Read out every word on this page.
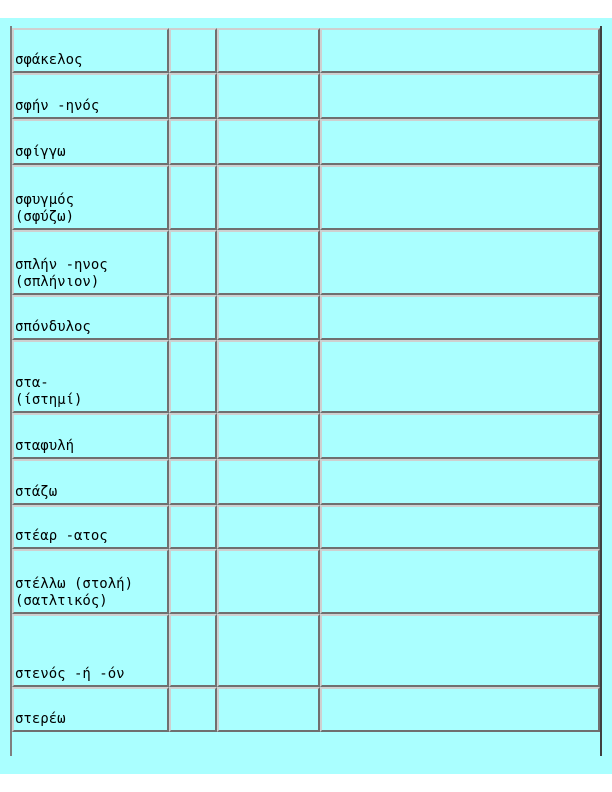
σφάκελος			

σφήν -ηνός			

σφίγγω			

σφυγμός
(σφύζω)			

σπλήν -ηνος
(σπλήνιον)			

σπόνδυλος			

στα-
(ίστημί)			

σταφυλή			

στάζω			

στέαρ -ατος			

στέλλω (στολή)
(σατλτικός)			

στενός -ή -όν			

στερέω			
